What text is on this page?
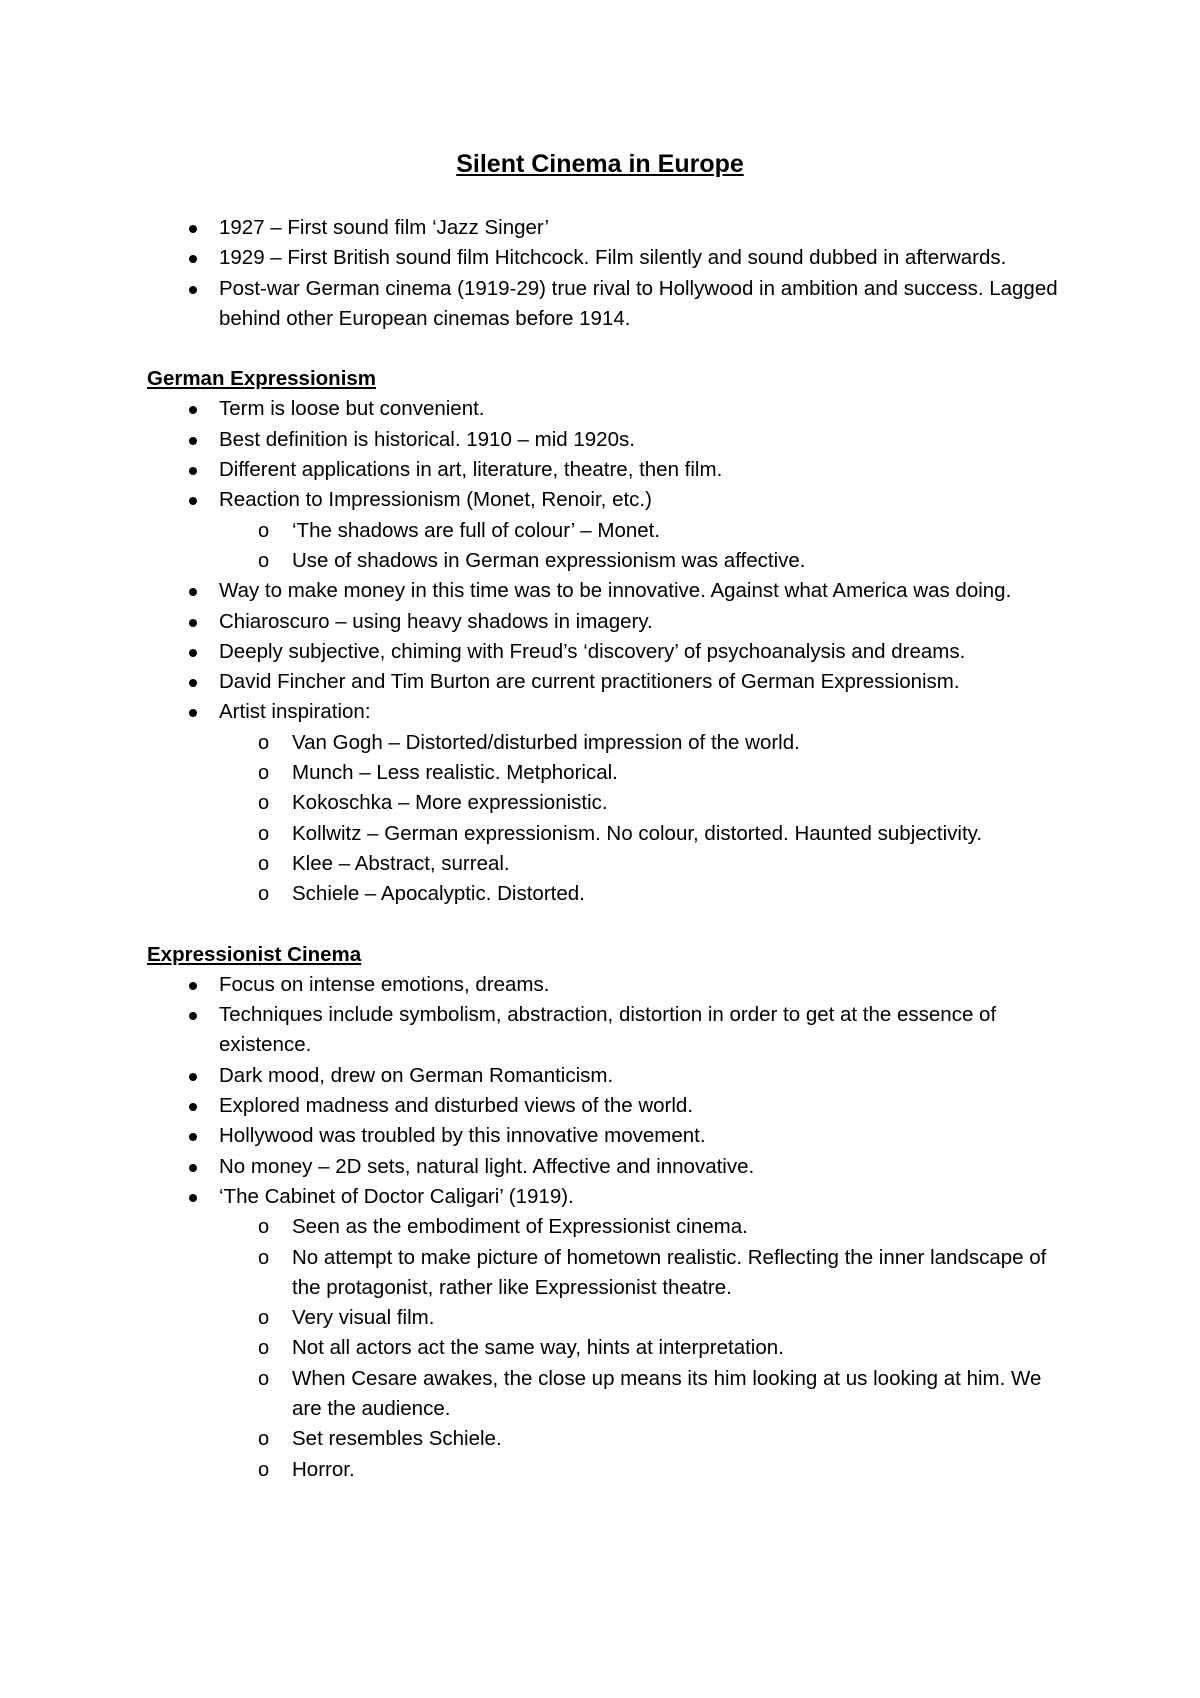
Silent Cinema in Europe
1927 – First sound film ‘Jazz Singer’
1929 – First British sound film Hitchcock. Film silently and sound dubbed in afterwards.
Post-war German cinema (1919-29) true rival to Hollywood in ambition and success. Lagged behind other European cinemas before 1914.
German Expressionism
Term is loose but convenient.
Best definition is historical. 1910 – mid 1920s.
Different applications in art, literature, theatre, then film.
Reaction to Impressionism (Monet, Renoir, etc.)
o ‘The shadows are full of colour’ – Monet.
o Use of shadows in German expressionism was affective.
Way to make money in this time was to be innovative. Against what America was doing.
Chiaroscuro – using heavy shadows in imagery.
Deeply subjective, chiming with Freud’s ‘discovery’ of psychoanalysis and dreams.
David Fincher and Tim Burton are current practitioners of German Expressionism.
Artist inspiration:
o Van Gogh – Distorted/disturbed impression of the world.
o Munch – Less realistic. Metphorical.
o Kokoschka – More expressionistic.
o Kollwitz – German expressionism. No colour, distorted. Haunted subjectivity.
o Klee – Abstract, surreal.
o Schiele – Apocalyptic. Distorted.
Expressionist Cinema
Focus on intense emotions, dreams.
Techniques include symbolism, abstraction, distortion in order to get at the essence of existence.
Dark mood, drew on German Romanticism.
Explored madness and disturbed views of the world.
Hollywood was troubled by this innovative movement.
No money – 2D sets, natural light. Affective and innovative.
‘The Cabinet of Doctor Caligari’ (1919).
o Seen as the embodiment of Expressionist cinema.
o No attempt to make picture of hometown realistic. Reflecting the inner landscape of the protagonist, rather like Expressionist theatre.
o Very visual film.
o Not all actors act the same way, hints at interpretation.
o When Cesare awakes, the close up means its him looking at us looking at him. We are the audience.
o Set resembles Schiele.
o Horror.
